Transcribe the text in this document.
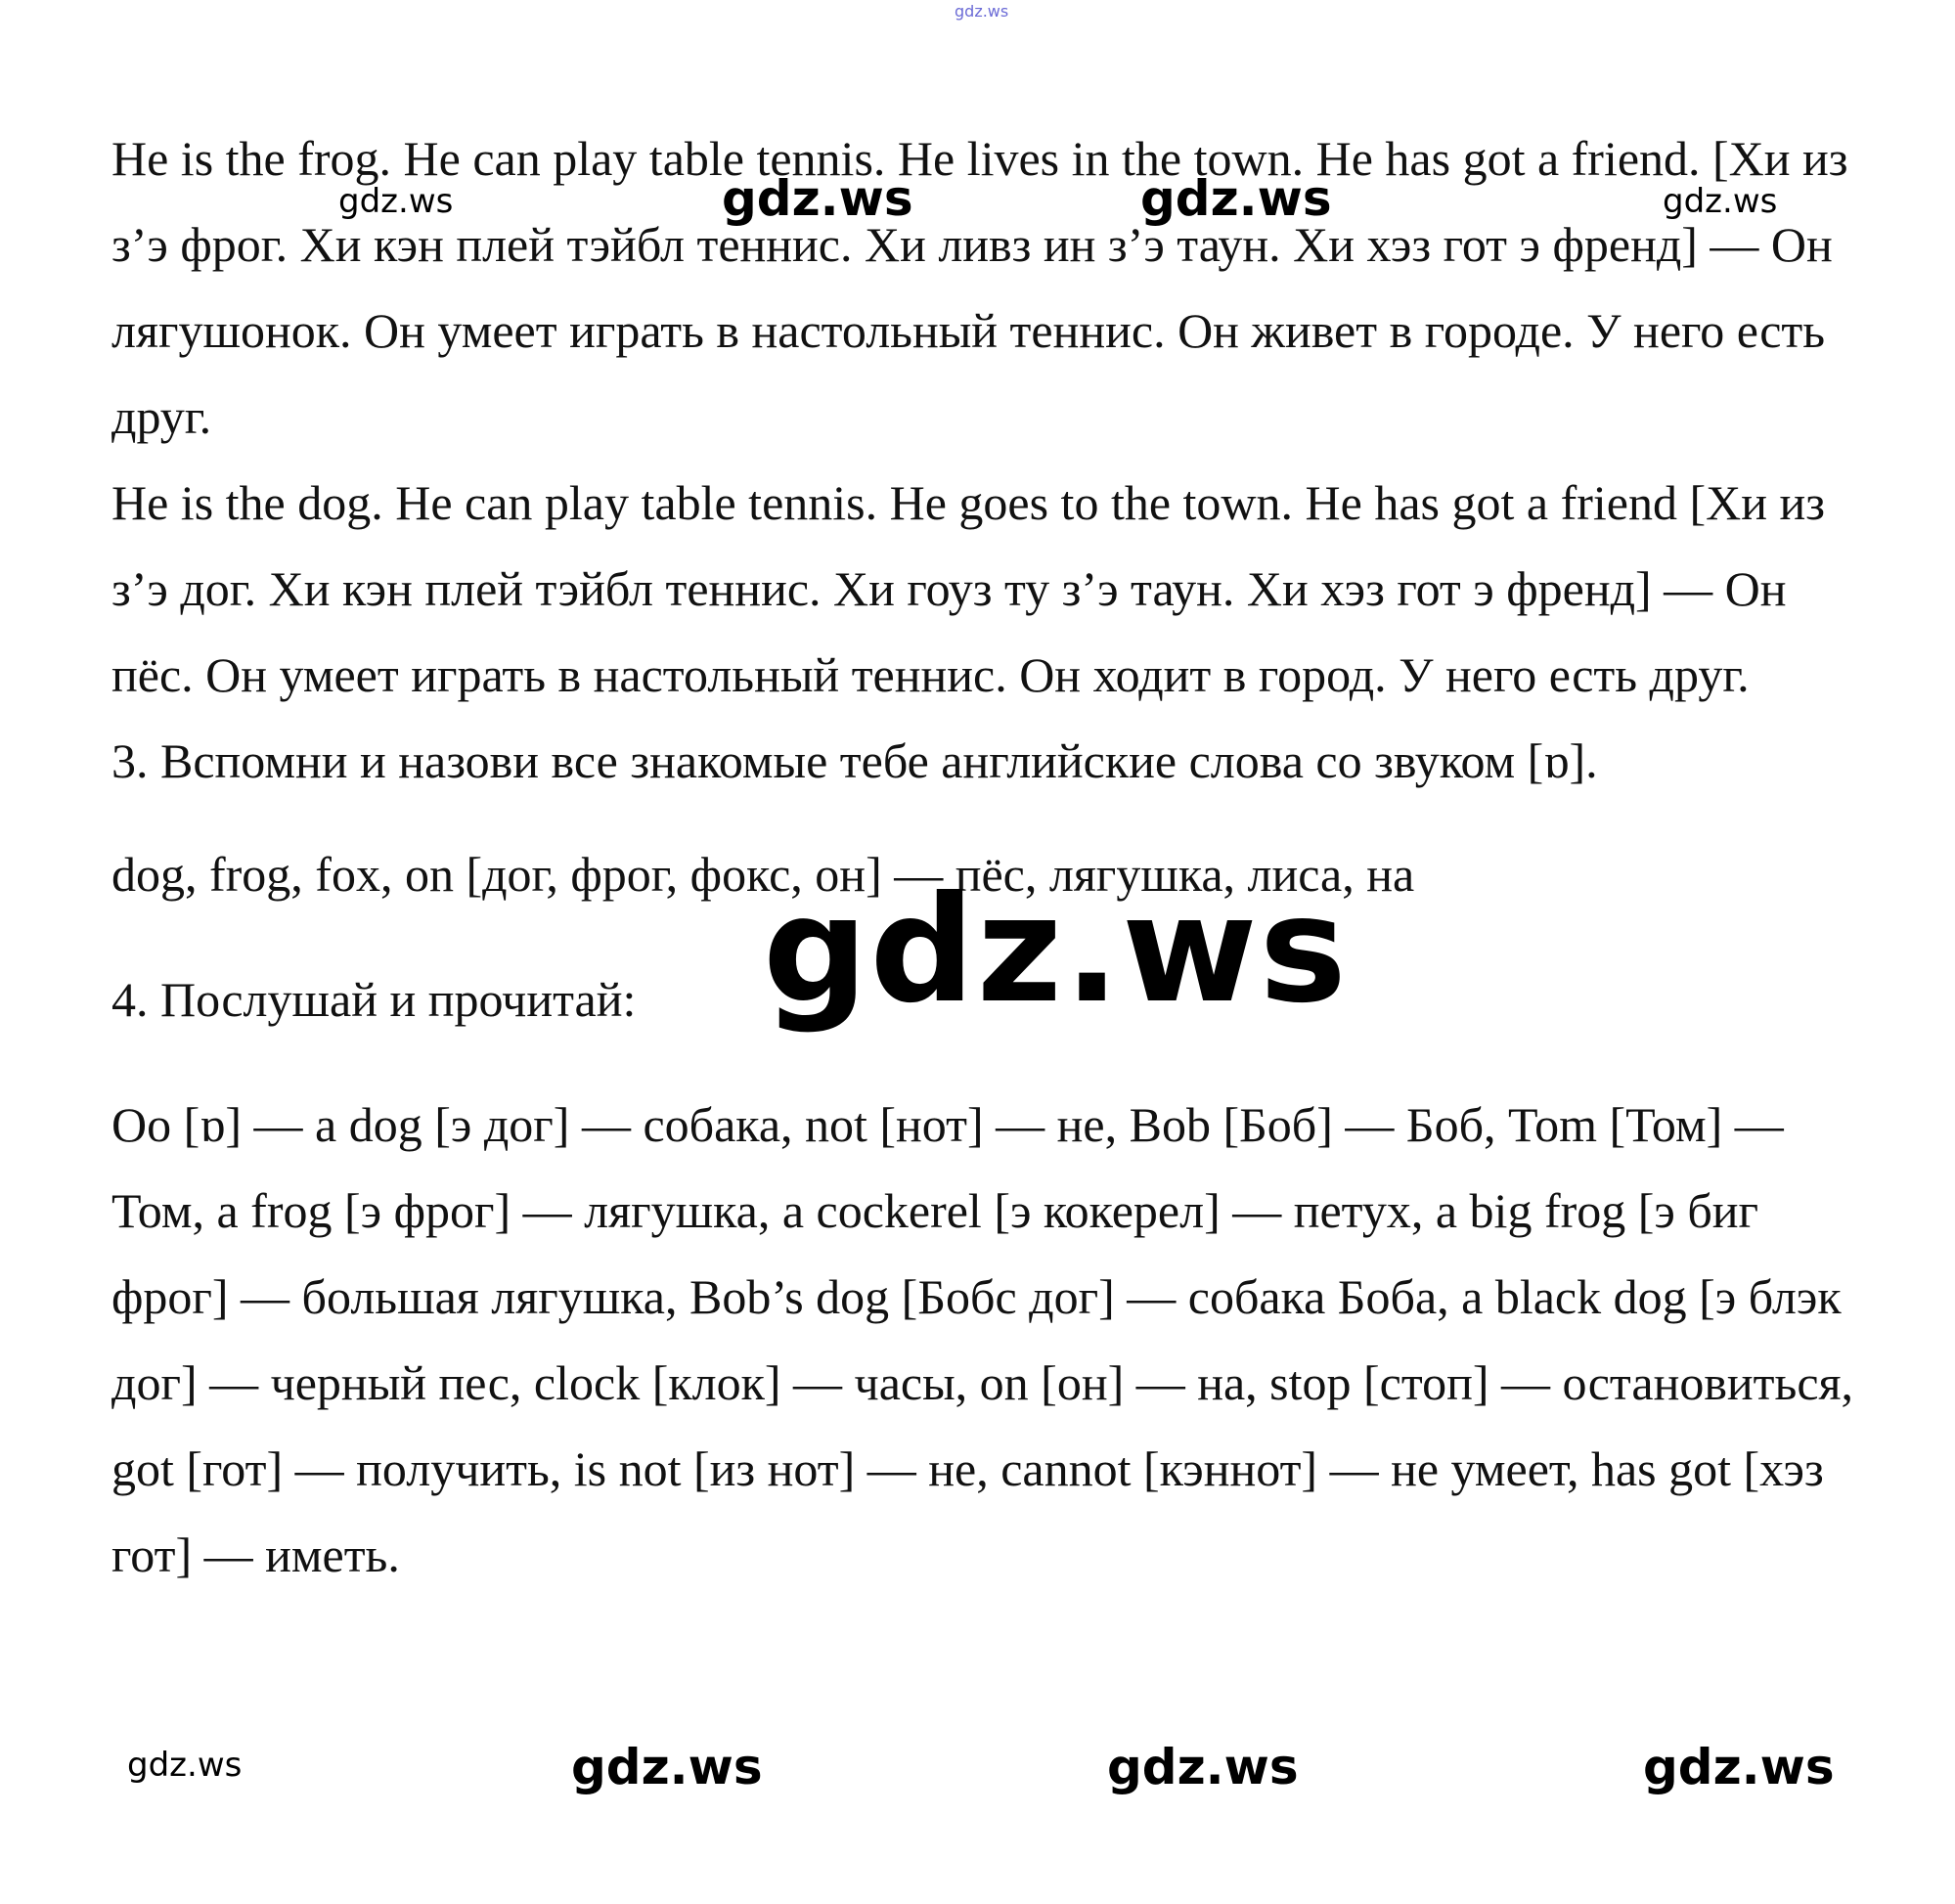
He is the frog. He can play table tennis. He lives in the town. He has got a friend. [Хи из з’э фрог. Хи кэн плей тэйбл теннис. Хи ливз ин з’э таун. Хи хэз гот э френд] — Он лягушонок. Он умеет играть в настольный теннис. Он живет в городе. У него есть друг.

He is the dog. He can play table tennis. He goes to the town. He has got a friend [Хи из з’э дог. Хи кэн плей тэйбл теннис. Хи гоуз ту з’э таун. Хи хэз гот э френд] — Он пёс. Он умеет играть в настольный теннис. Он ходит в город. У него есть друг.

3. Вспомни и назови все знакомые тебе английские слова со звуком [ɒ].

dog, frog, fox, on [дог, фрог, фокс, он] — пёс, лягушка, лиса, на

4. Послушай и прочитай:

Oo [ɒ] — a dog [э дог] — собака, not [нот] — не, Bob [Боб] — Боб, Tom [Том] — Том, a frog [э фрог] — лягушка, a cockerel [э кокерел] — петух, a big frog [э биг фрог] — большая лягушка, Bob’s dog [Бобс дог] — собака Боба, a black dog [э блэк дог] — черный пес, clock [клок] — часы, on [он] — на, stop [стоп] — остановиться, got [гот] — получить, is not [из нот] — не, cannot [кэннот] — не умеет, has got [хэз гот] — иметь.

gdz.ws
gdz.ws	gdz.ws	gdz.ws	gdz.ws
gdz.ws
gdz.ws	gdz.ws	gdz.ws	gdz.ws
